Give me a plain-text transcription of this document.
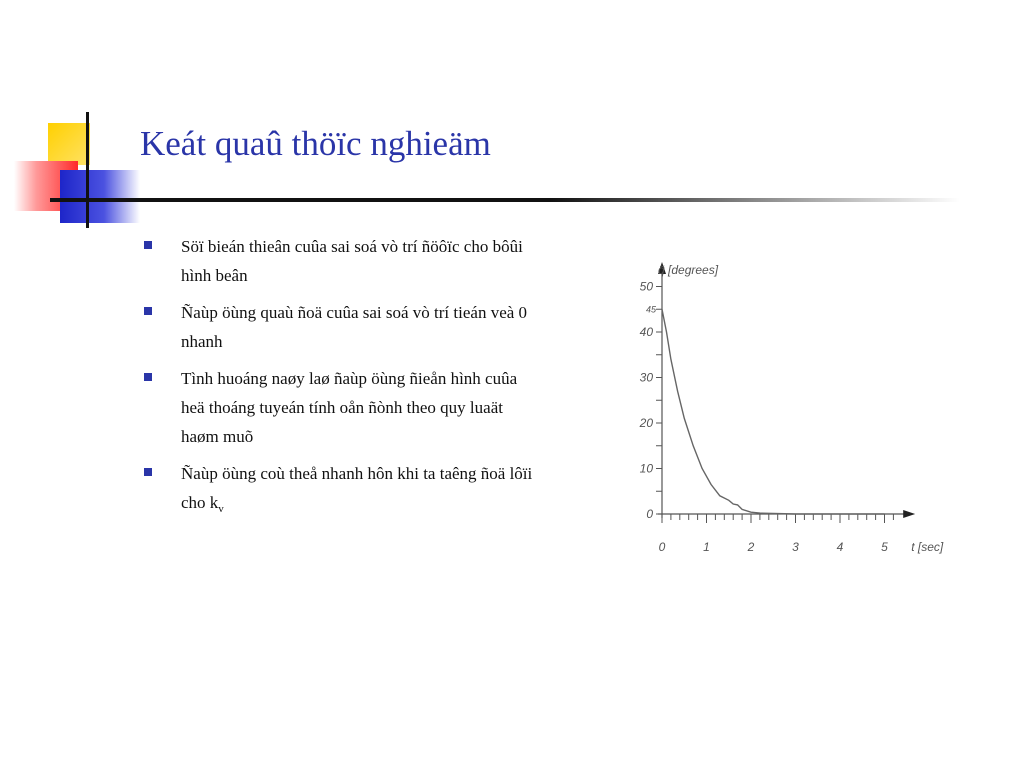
Keát quaû thöïc nghieäm
Söï bieán thieân cuûa sai soá vò trí ñöôïc cho bôûi hình beân
Ñaùp öùng quaù ñoä cuûa sai soá vò trí tieán veà 0 nhanh
Tình huoáng naøy laø ñaùp öùng ñieån hình cuûa heä thoáng tuyeán tính oån ñònh theo quy luaät haøm muõ
Ñaùp öùng coù theå nhanh hôn khi ta taêng ñoä lôïi cho $k_v$	0
10
20
30
40
50
0	1	2	3	4	5
45
q̃ [degrees]
t [sec]
